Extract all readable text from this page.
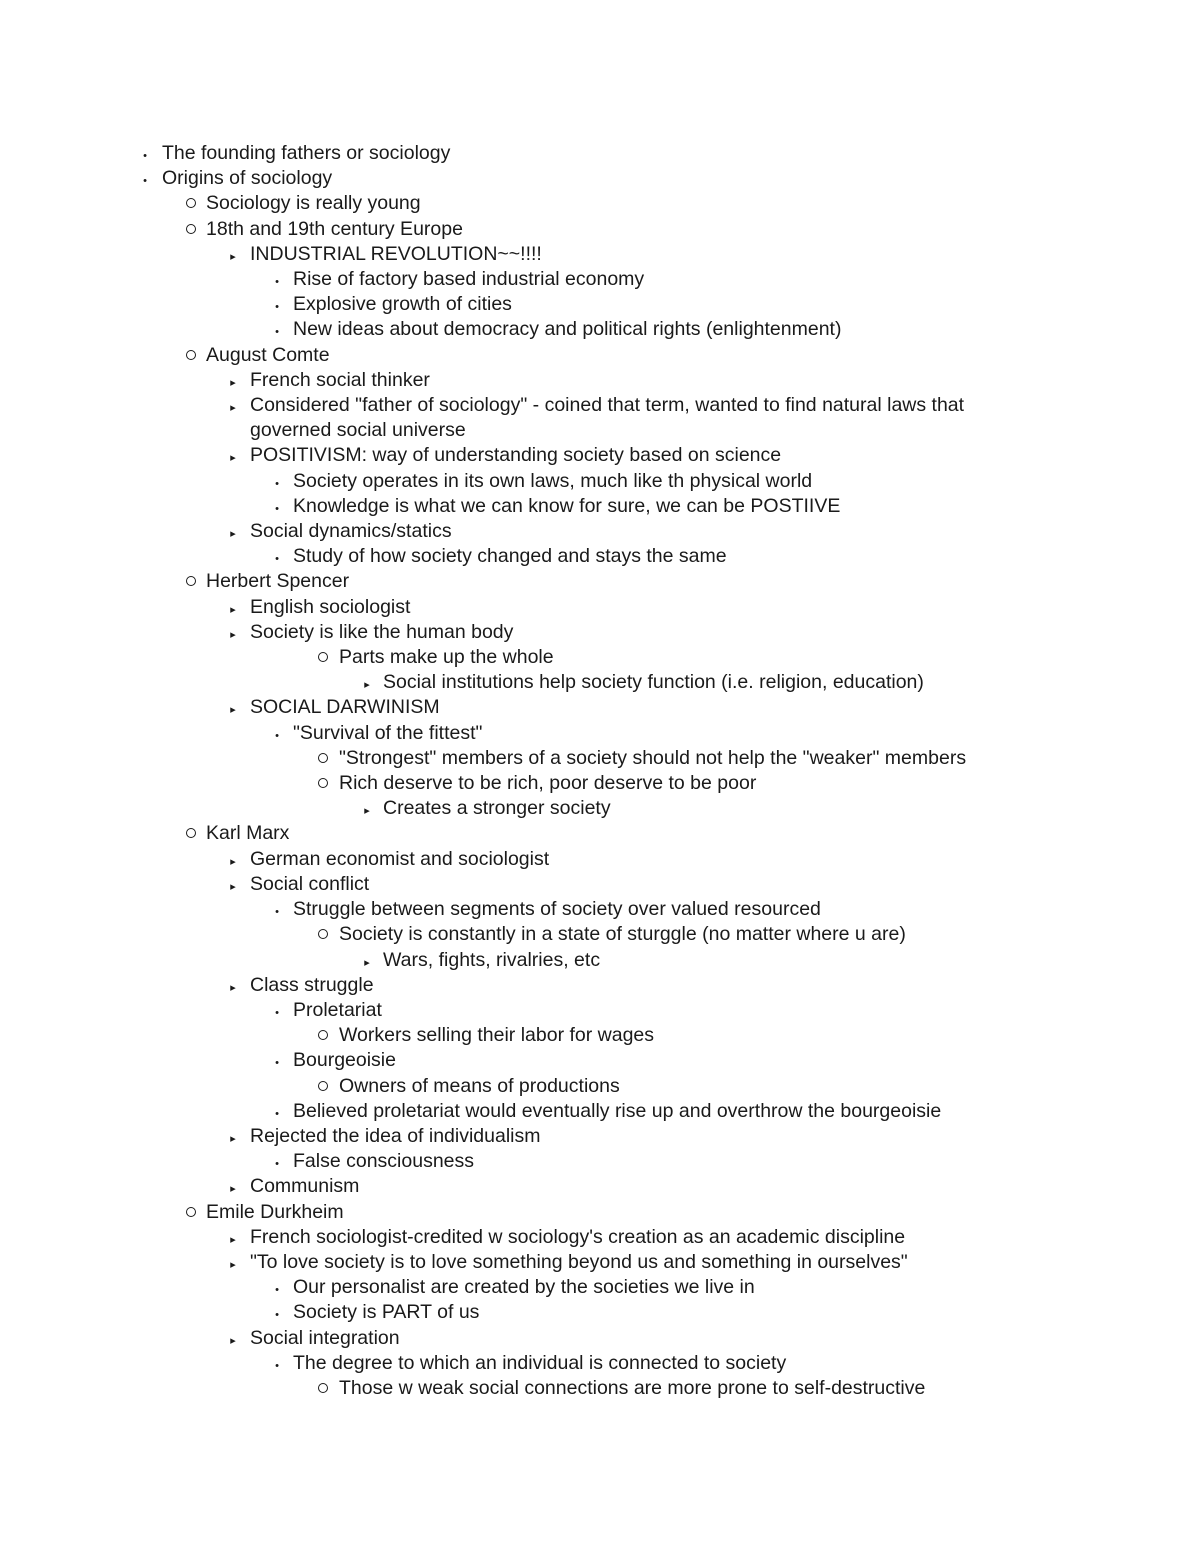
•
The founding fathers or sociology
•
Origins of sociology
Sociology is really young
18th and 19th century Europe
▸
INDUSTRIAL REVOLUTION~~!!!!
•
Rise of factory based industrial economy
•
Explosive growth of cities
•
New ideas about democracy and political rights (enlightenment)
August Comte
▸
French social thinker
▸
Considered "father of sociology" - coined that term, wanted to find natural laws that governed social universe
▸
POSITIVISM: way of understanding society based on science
•
Society operates in its own laws, much like th physical world
•
Knowledge is what we can know for sure, we can be POSTIIVE
▸
Social dynamics/statics
•
Study of how society changed and stays the same
Herbert Spencer
▸
English sociologist
▸
Society is like the human body
Parts make up the whole
▸
Social institutions help society function (i.e. religion, education)
▸
SOCIAL DARWINISM
•
"Survival of the fittest"
"Strongest" members of a society should not help the "weaker" members
Rich deserve to be rich, poor deserve to be poor
▸
Creates a stronger society
Karl Marx
▸
German economist and sociologist
▸
Social conflict
•
Struggle between segments of society over valued resourced
Society is constantly in a state of sturggle (no matter where u are)
▸
Wars, fights, rivalries, etc
▸
Class struggle
•
Proletariat
Workers selling their labor for wages
•
Bourgeoisie
Owners of means of productions
•
Believed proletariat would eventually rise up and overthrow the bourgeoisie
▸
Rejected the idea of individualism
•
False consciousness
▸
Communism
Emile Durkheim
▸
French sociologist-credited w sociology's creation as an academic discipline
▸
"To love society is to love something beyond us and something in ourselves"
•
Our personalist are created by the societies we live in
•
Society is PART of us
▸
Social integration
•
The degree to which an individual is connected to society
Those w weak social connections are more prone to self-destructive
